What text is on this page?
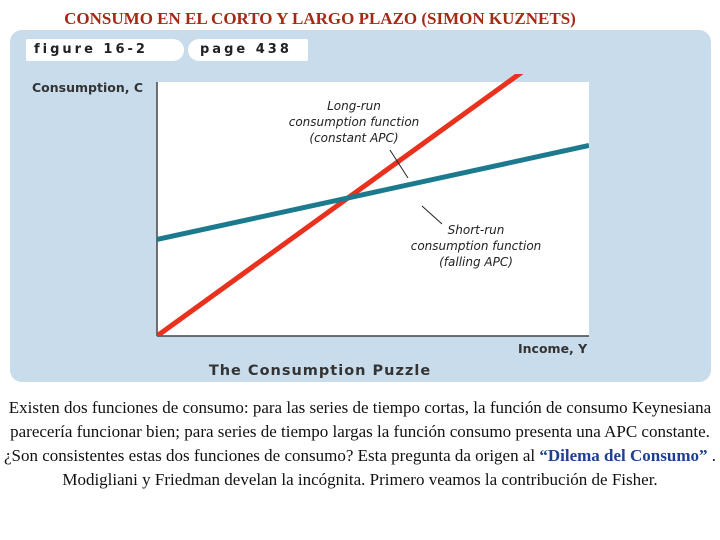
CONSUMO EN EL CORTO Y LARGO PLAZO (SIMON KUZNETS)
figure 16-2	page 438
Consumption, C
Income, Y
The Consumption Puzzle
Long-run
consumption function
(constant APC)
Short-run
consumption function
(falling APC)
Existen dos funciones de consumo: para las series de tiempo cortas, la función de consumo Keynesiana parecería funcionar bien; para series de tiempo largas la función consumo presenta una APC constante. ¿Son consistentes estas dos funciones de consumo? Esta pregunta da origen al “Dilema del Consumo” . Modigliani y Friedman develan la incógnita. Primero veamos la contribución de Fisher.
